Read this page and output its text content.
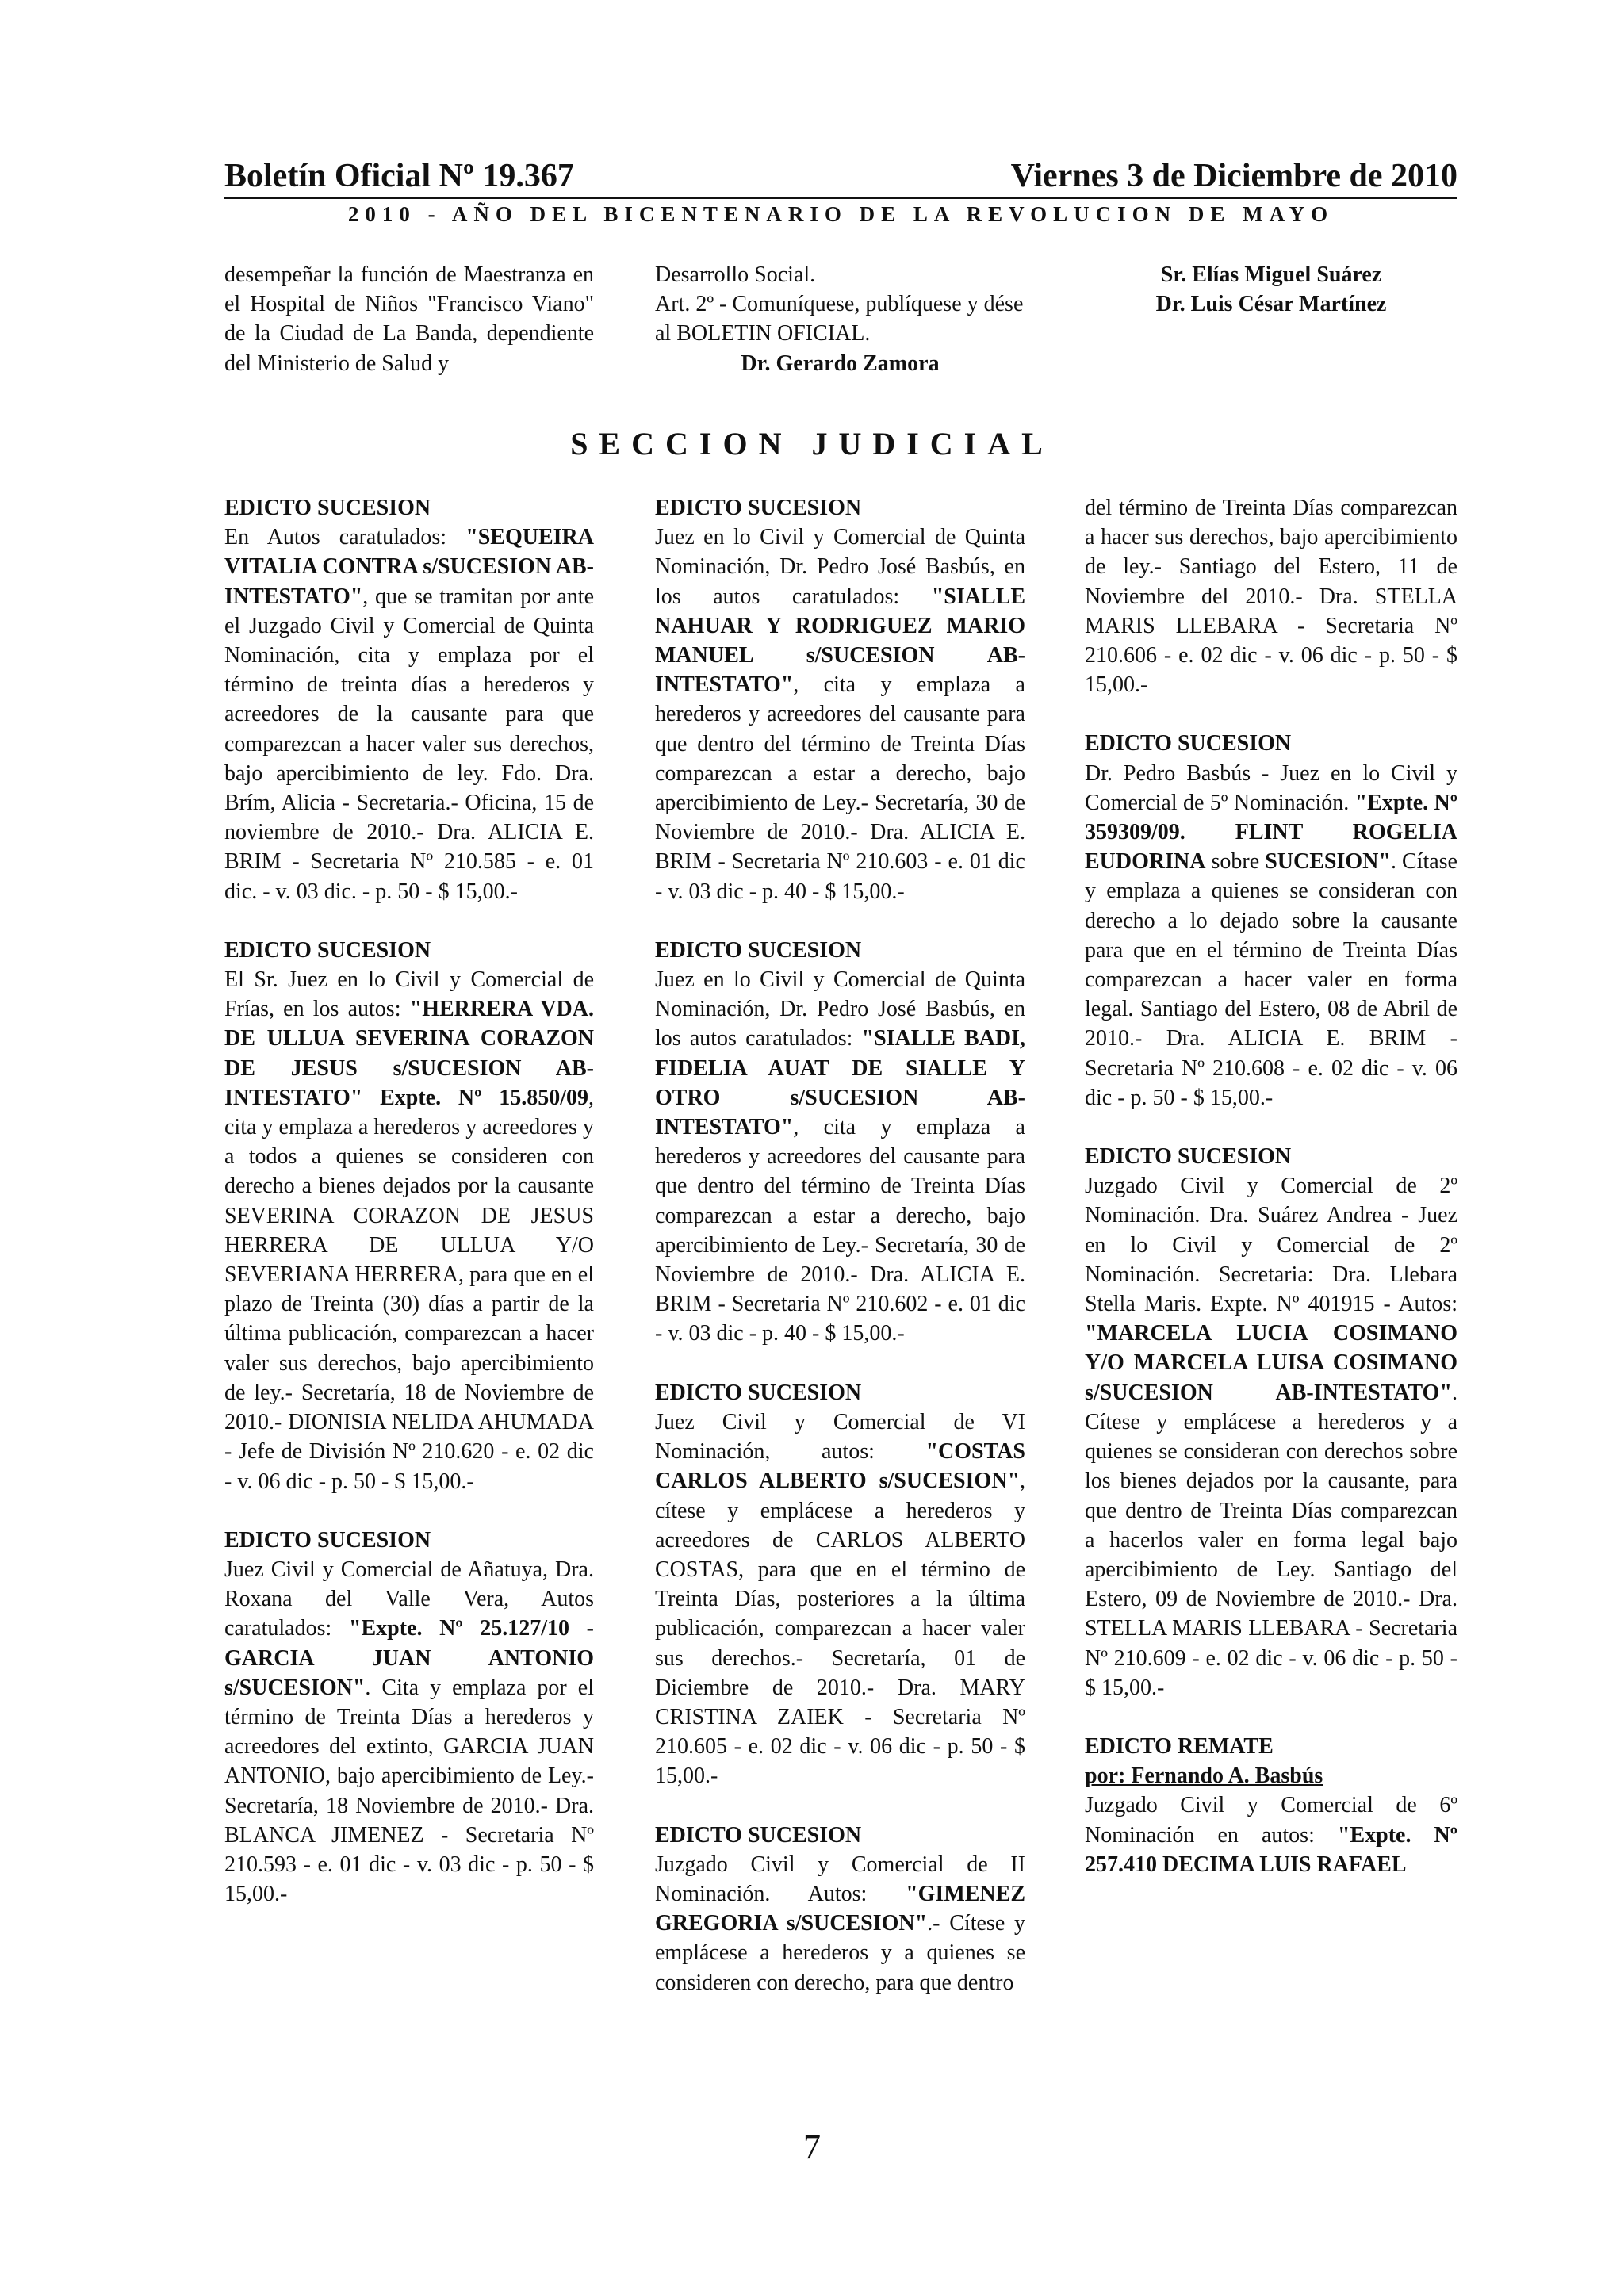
Boletín Oficial Nº 19.367	Viernes 3 de Diciembre de 2010
2010 - AÑO DEL BICENTENARIO DE LA REVOLUCION DE MAYO

desempeñar la función de Maestranza en el Hospital de Niños "Francisco Viano" de la Ciudad de La Banda, dependiente del Ministerio de Salud y

Desarrollo Social.
Art. 2º - Comuníquese, publíquese y dése al BOLETIN OFICIAL.

Dr. Gerardo Zamora

Sr. Elías Miguel Suárez

Dr. Luis César Martínez

SECCION JUDICIAL

EDICTO SUCESION
En Autos caratulados: "SEQUEIRA VITALIA CONTRA s/SUCESION AB-INTESTATO", que se tramitan por ante el Juzgado Civil y Comercial de Quinta Nominación, cita y emplaza por el término de treinta días a herederos y acreedores de la causante para que comparezcan a hacer valer sus derechos, bajo apercibimiento de ley. Fdo. Dra. Brím, Alicia - Secretaria.- Oficina, 15 de noviembre de 2010.- Dra. ALICIA E. BRIM - Secretaria Nº 210.585 - e. 01 dic. - v. 03 dic. - p. 50 - $ 15,00.-

EDICTO SUCESION
El Sr. Juez en lo Civil y Comercial de Frías, en los autos: "HERRERA VDA. DE ULLUA SEVERINA CORAZON DE JESUS s/SUCESION AB-INTESTATO" Expte. Nº 15.850/09, cita y emplaza a herederos y acreedores y a todos a quienes se consideren con derecho a bienes dejados por la causante SEVERINA CORAZON DE JESUS HERRERA DE ULLUA Y/O SEVERIANA HERRERA, para que en el plazo de Treinta (30) días a partir de la última publicación, comparezcan a hacer valer sus derechos, bajo apercibimiento de ley.- Secretaría, 18 de Noviembre de 2010.- DIONISIA NELIDA AHUMADA - Jefe de División Nº 210.620 - e. 02 dic - v. 06 dic - p. 50 - $ 15,00.-

EDICTO SUCESION
Juez Civil y Comercial de Añatuya, Dra. Roxana del Valle Vera, Autos caratulados: "Expte. Nº 25.127/10 - GARCIA JUAN ANTONIO s/SUCESION". Cita y emplaza por el término de Treinta Días a herederos y acreedores del extinto, GARCIA JUAN ANTONIO, bajo apercibimiento de Ley.- Secretaría, 18 Noviembre de 2010.- Dra. BLANCA JIMENEZ - Secretaria Nº 210.593 - e. 01 dic - v. 03 dic - p. 50 - $ 15,00.-

EDICTO SUCESION
Juez en lo Civil y Comercial de Quinta Nominación, Dr. Pedro José Basbús, en los autos caratulados: "SIALLE NAHUAR Y RODRIGUEZ MARIO MANUEL s/SUCESION AB-INTESTATO", cita y emplaza a herederos y acreedores del causante para que dentro del término de Treinta Días comparezcan a estar a derecho, bajo apercibimiento de Ley.- Secretaría, 30 de Noviembre de 2010.- Dra. ALICIA E. BRIM - Secretaria Nº 210.603 - e. 01 dic - v. 03 dic - p. 40 - $ 15,00.-

EDICTO SUCESION
Juez en lo Civil y Comercial de Quinta Nominación, Dr. Pedro José Basbús, en los autos caratulados: "SIALLE BADI, FIDELIA AUAT DE SIALLE Y OTRO s/SUCESION AB-INTESTATO", cita y emplaza a herederos y acreedores del causante para que dentro del término de Treinta Días comparezcan a estar a derecho, bajo apercibimiento de Ley.- Secretaría, 30 de Noviembre de 2010.- Dra. ALICIA E. BRIM - Secretaria Nº 210.602 - e. 01 dic - v. 03 dic - p. 40 - $ 15,00.-

EDICTO SUCESION
Juez Civil y Comercial de VI Nominación, autos: "COSTAS CARLOS ALBERTO s/SUCESION", cítese y emplácese a herederos y acreedores de CARLOS ALBERTO COSTAS, para que en el término de Treinta Días, posteriores a la última publicación, comparezcan a hacer valer sus derechos.- Secretaría, 01 de Diciembre de 2010.- Dra. MARY CRISTINA ZAIEK - Secretaria Nº 210.605 - e. 02 dic - v. 06 dic - p. 50 - $ 15,00.-

EDICTO SUCESION
Juzgado Civil y Comercial de II Nominación. Autos: "GIMENEZ GREGORIA s/SUCESION".- Cítese y emplácese a herederos y a quienes se consideren con derecho, para que dentro

del término de Treinta Días comparezcan a hacer sus derechos, bajo apercibimiento de ley.- Santiago del Estero, 11 de Noviembre del 2010.- Dra. STELLA MARIS LLEBARA - Secretaria Nº 210.606 - e. 02 dic - v. 06 dic - p. 50 - $ 15,00.-

EDICTO SUCESION
Dr. Pedro Basbús - Juez en lo Civil y Comercial de 5º Nominación. "Expte. Nº 359309/09. FLINT ROGELIA EUDORINA sobre SUCESION". Cítase y emplaza a quienes se consideran con derecho a lo dejado sobre la causante para que en el término de Treinta Días comparezcan a hacer valer en forma legal. Santiago del Estero, 08 de Abril de 2010.- Dra. ALICIA E. BRIM - Secretaria Nº 210.608 - e. 02 dic - v. 06 dic - p. 50 - $ 15,00.-

EDICTO SUCESION
Juzgado Civil y Comercial de 2º Nominación. Dra. Suárez Andrea - Juez en lo Civil y Comercial de 2º Nominación. Secretaria: Dra. Llebara Stella Maris. Expte. Nº 401915 - Autos: "MARCELA LUCIA COSIMANO Y/O MARCELA LUISA COSIMANO s/SUCESION AB-INTESTATO". Cítese y emplácese a herederos y a quienes se consideran con derechos sobre los bienes dejados por la causante, para que dentro de Treinta Días comparezcan a hacerlos valer en forma legal bajo apercibimiento de Ley. Santiago del Estero, 09 de Noviembre de 2010.- Dra. STELLA MARIS LLEBARA - Secretaria Nº 210.609 - e. 02 dic - v. 06 dic - p. 50 - $ 15,00.-

EDICTO REMATE
por: Fernando A. Basbús
Juzgado Civil y Comercial de 6º Nominación en autos: "Expte. Nº 257.410 DECIMA LUIS RAFAEL

7
